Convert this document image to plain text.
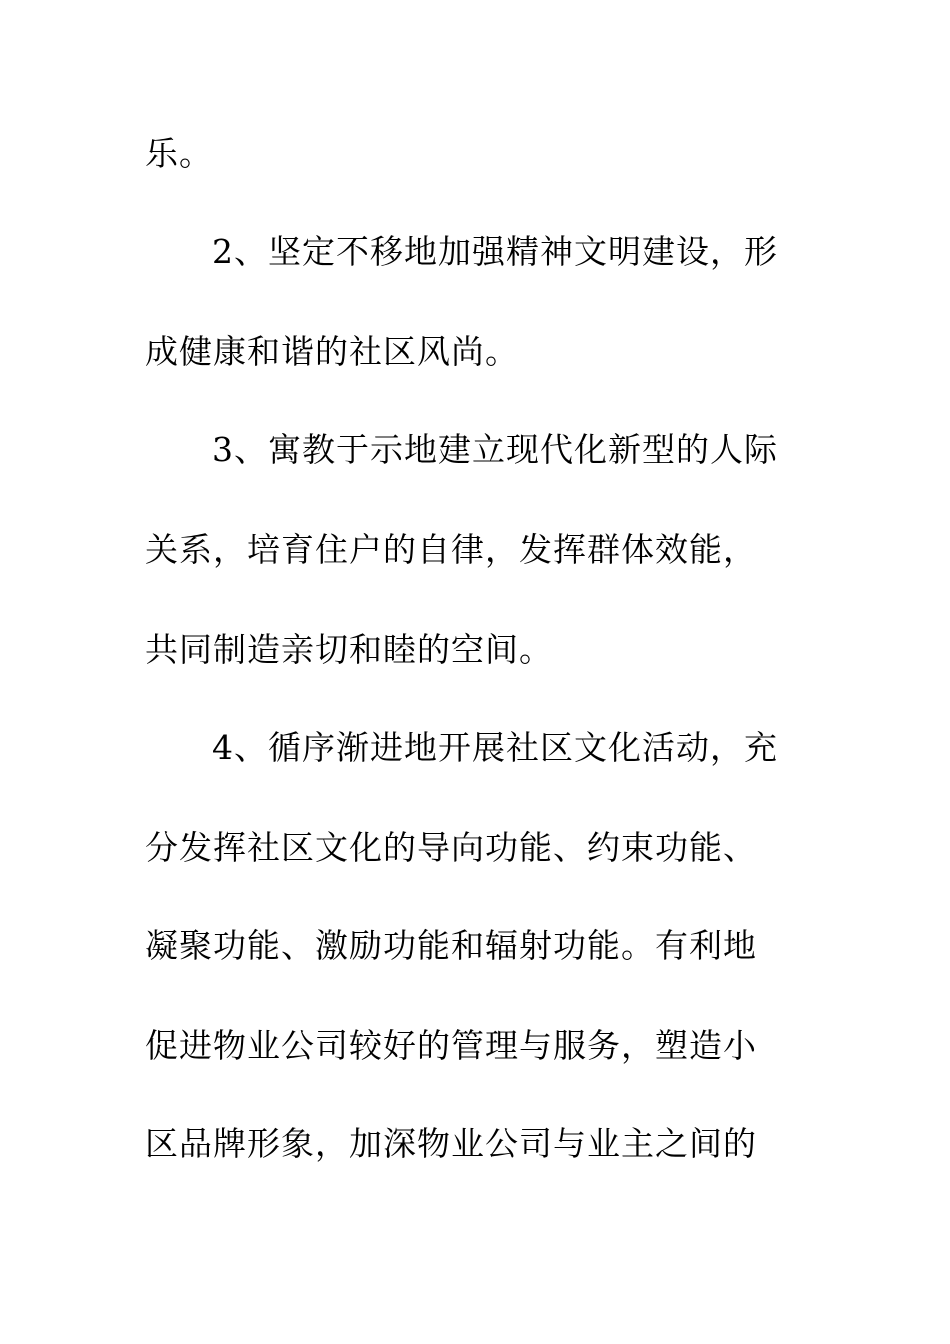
乐。
2、坚定不移地加强精神文明建设，形
成健康和谐的社区风尚。
3、寓教于示地建立现代化新型的人际
关系，培育住户的自律，发挥群体效能，
共同制造亲切和睦的空间。
4、循序渐进地开展社区文化活动，充
分发挥社区文化的导向功能、约束功能、
凝聚功能、激励功能和辐射功能。有利地
促进物业公司较好的管理与服务，塑造小
区品牌形象，加深物业公司与业主之间的
